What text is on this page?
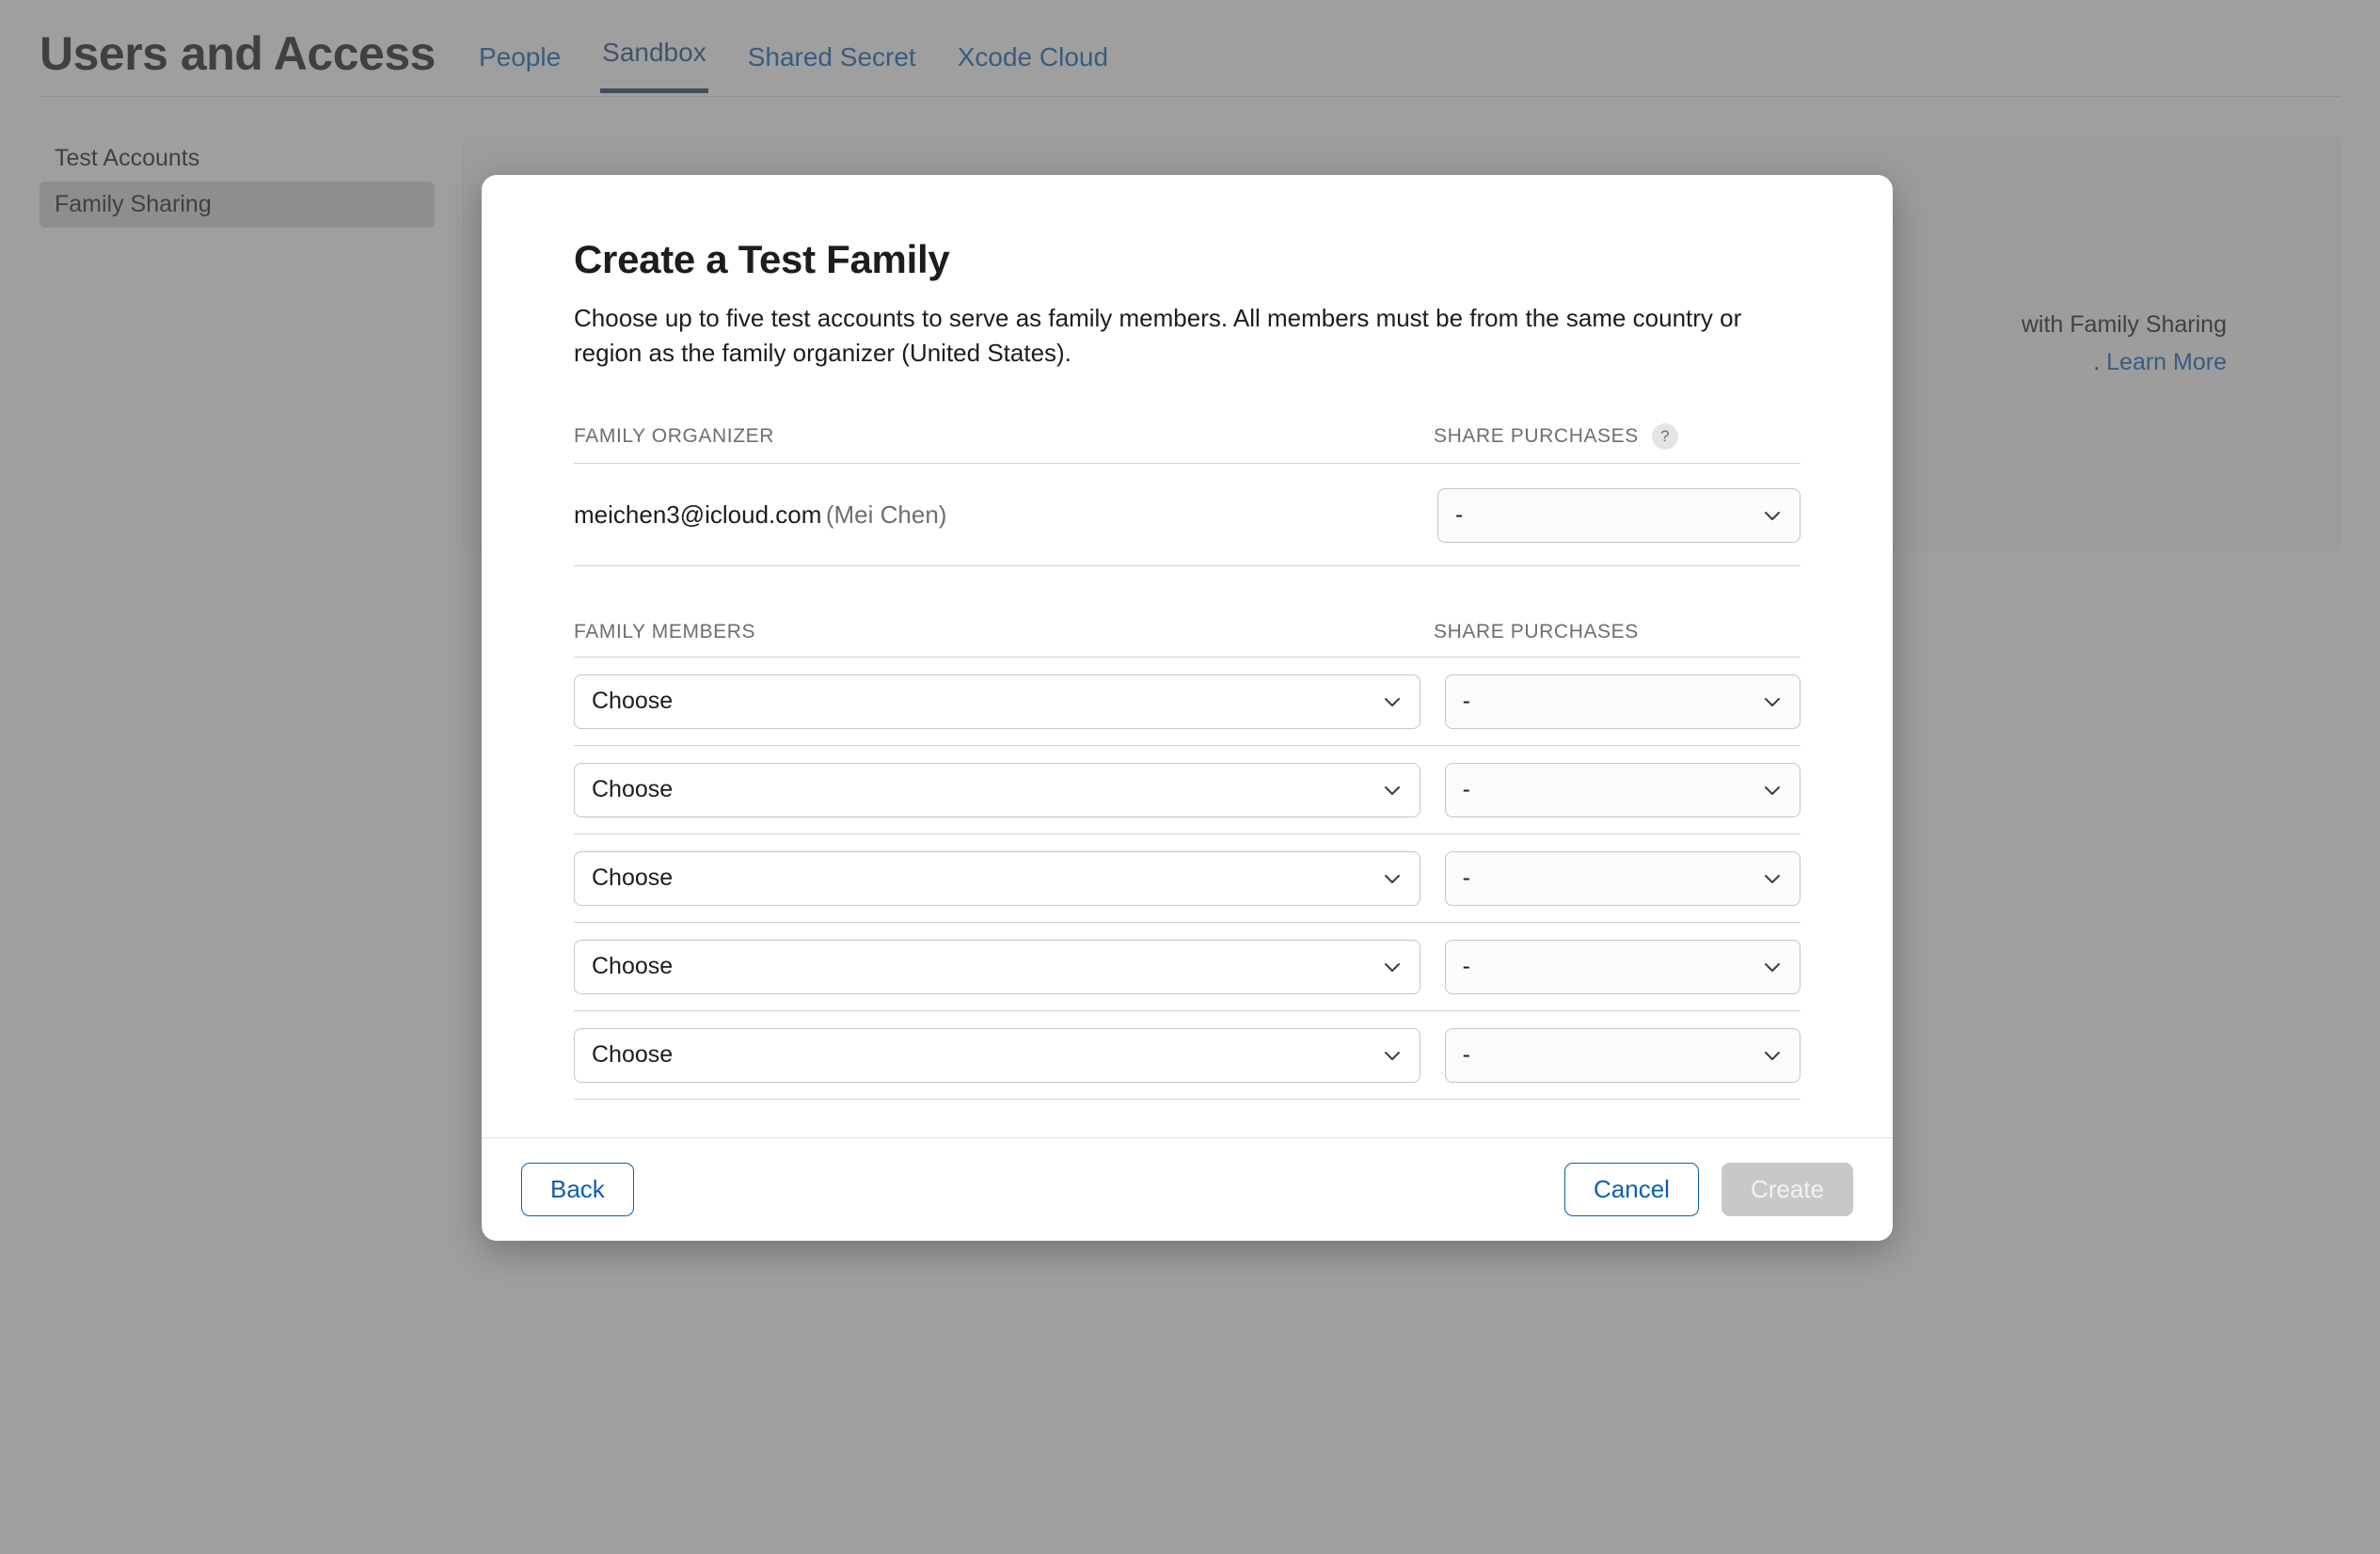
Create a Test Family

Choose up to five test accounts to serve as family members. All members must be from the same country or region as the family organizer (United States).

FAMILY ORGANIZER	SHARE PURCHASES	?
meichen3@icloud.com (Mei Chen)	-
FAMILY MEMBERS	SHARE PURCHASES
Choose	-
Choose	-
Choose	-
Choose	-
Choose	-
Back	Cancel	Create
